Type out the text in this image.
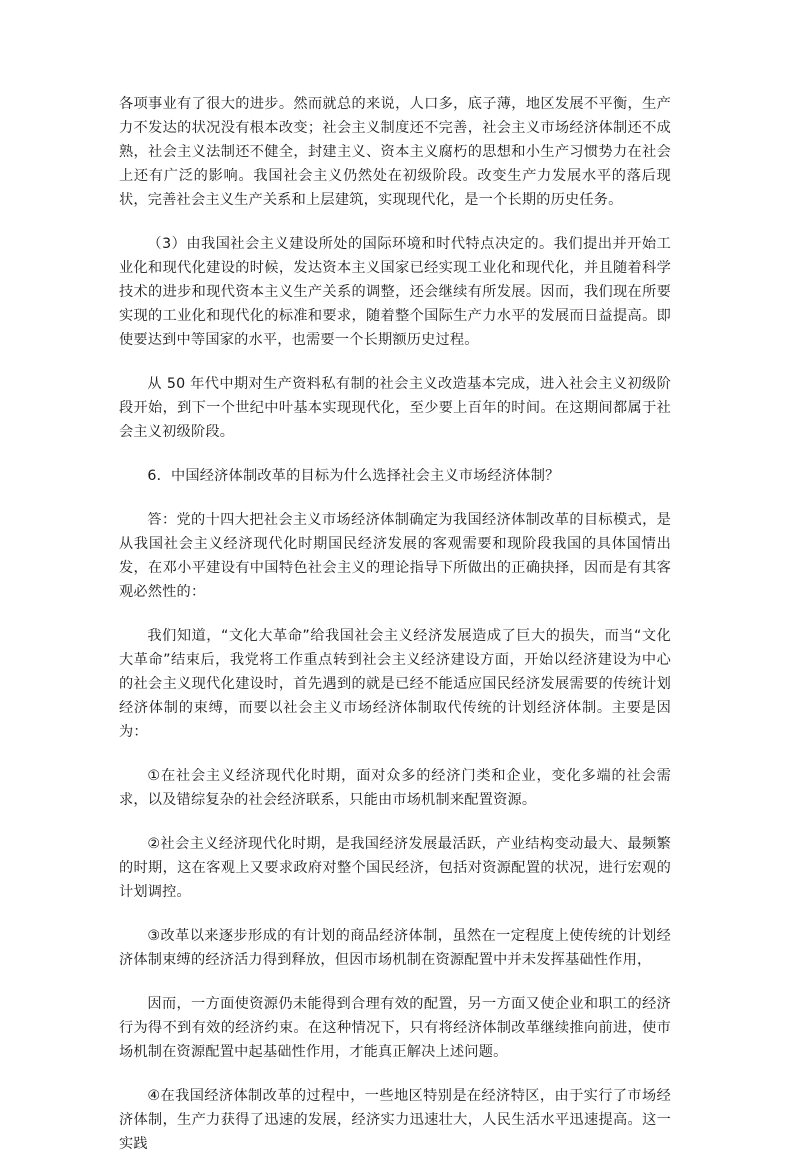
各项事业有了很大的进步。然而就总的来说，人口多，底子薄，地区发展不平衡，生产力不发达的状况没有根本改变；社会主义制度还不完善，社会主义市场经济体制还不成熟，社会主义法制还不健全，封建主义、资本主义腐朽的思想和小生产习惯势力在社会上还有广泛的影响。我国社会主义仍然处在初级阶段。改变生产力发展水平的落后现状，完善社会主义生产关系和上层建筑，实现现代化，是一个长期的历史任务。

（3）由我国社会主义建设所处的国际环境和时代特点决定的。我们提出并开始工业化和现代化建设的时候，发达资本主义国家已经实现工业化和现代化，并且随着科学技术的进步和现代资本主义生产关系的调整，还会继续有所发展。因而，我们现在所要实现的工业化和现代化的标准和要求，随着整个国际生产力水平的发展而日益提高。即使要达到中等国家的水平，也需要一个长期额历史过程。

从 50 年代中期对生产资料私有制的社会主义改造基本完成，进入社会主义初级阶段开始，到下一个世纪中叶基本实现现代化，至少要上百年的时间。在这期间都属于社会主义初级阶段。

6．中国经济体制改革的目标为什么选择社会主义市场经济体制？

答：党的十四大把社会主义市场经济体制确定为我国经济体制改革的目标模式，是从我国社会主义经济现代化时期国民经济发展的客观需要和现阶段我国的具体国情出发，在邓小平建设有中国特色社会主义的理论指导下所做出的正确抉择，因而是有其客观必然性的：

我们知道，“文化大革命”给我国社会主义经济发展造成了巨大的损失，而当“文化大革命”结束后，我党将工作重点转到社会主义经济建设方面，开始以经济建设为中心的社会主义现代化建设时，首先遇到的就是已经不能适应国民经济发展需要的传统计划经济体制的束缚，而要以社会主义市场经济体制取代传统的计划经济体制。主要是因为：

①在社会主义经济现代化时期，面对众多的经济门类和企业，变化多端的社会需求，以及错综复杂的社会经济联系，只能由市场机制来配置资源。

②社会主义经济现代化时期，是我国经济发展最活跃，产业结构变动最大、最频繁的时期，这在客观上又要求政府对整个国民经济，包括对资源配置的状况，进行宏观的计划调控。

③改革以来逐步形成的有计划的商品经济体制，虽然在一定程度上使传统的计划经济体制束缚的经济活力得到释放，但因市场机制在资源配置中并未发挥基础性作用，

因而，一方面使资源仍未能得到合理有效的配置，另一方面又使企业和职工的经济行为得不到有效的经济约束。在这种情况下，只有将经济体制改革继续推向前进，使市场机制在资源配置中起基础性作用，才能真正解决上述问题。

④在我国经济体制改革的过程中，一些地区特别是在经济特区，由于实行了市场经济体制，生产力获得了迅速的发展，经济实力迅速壮大，人民生活水平迅速提高。这一实践
